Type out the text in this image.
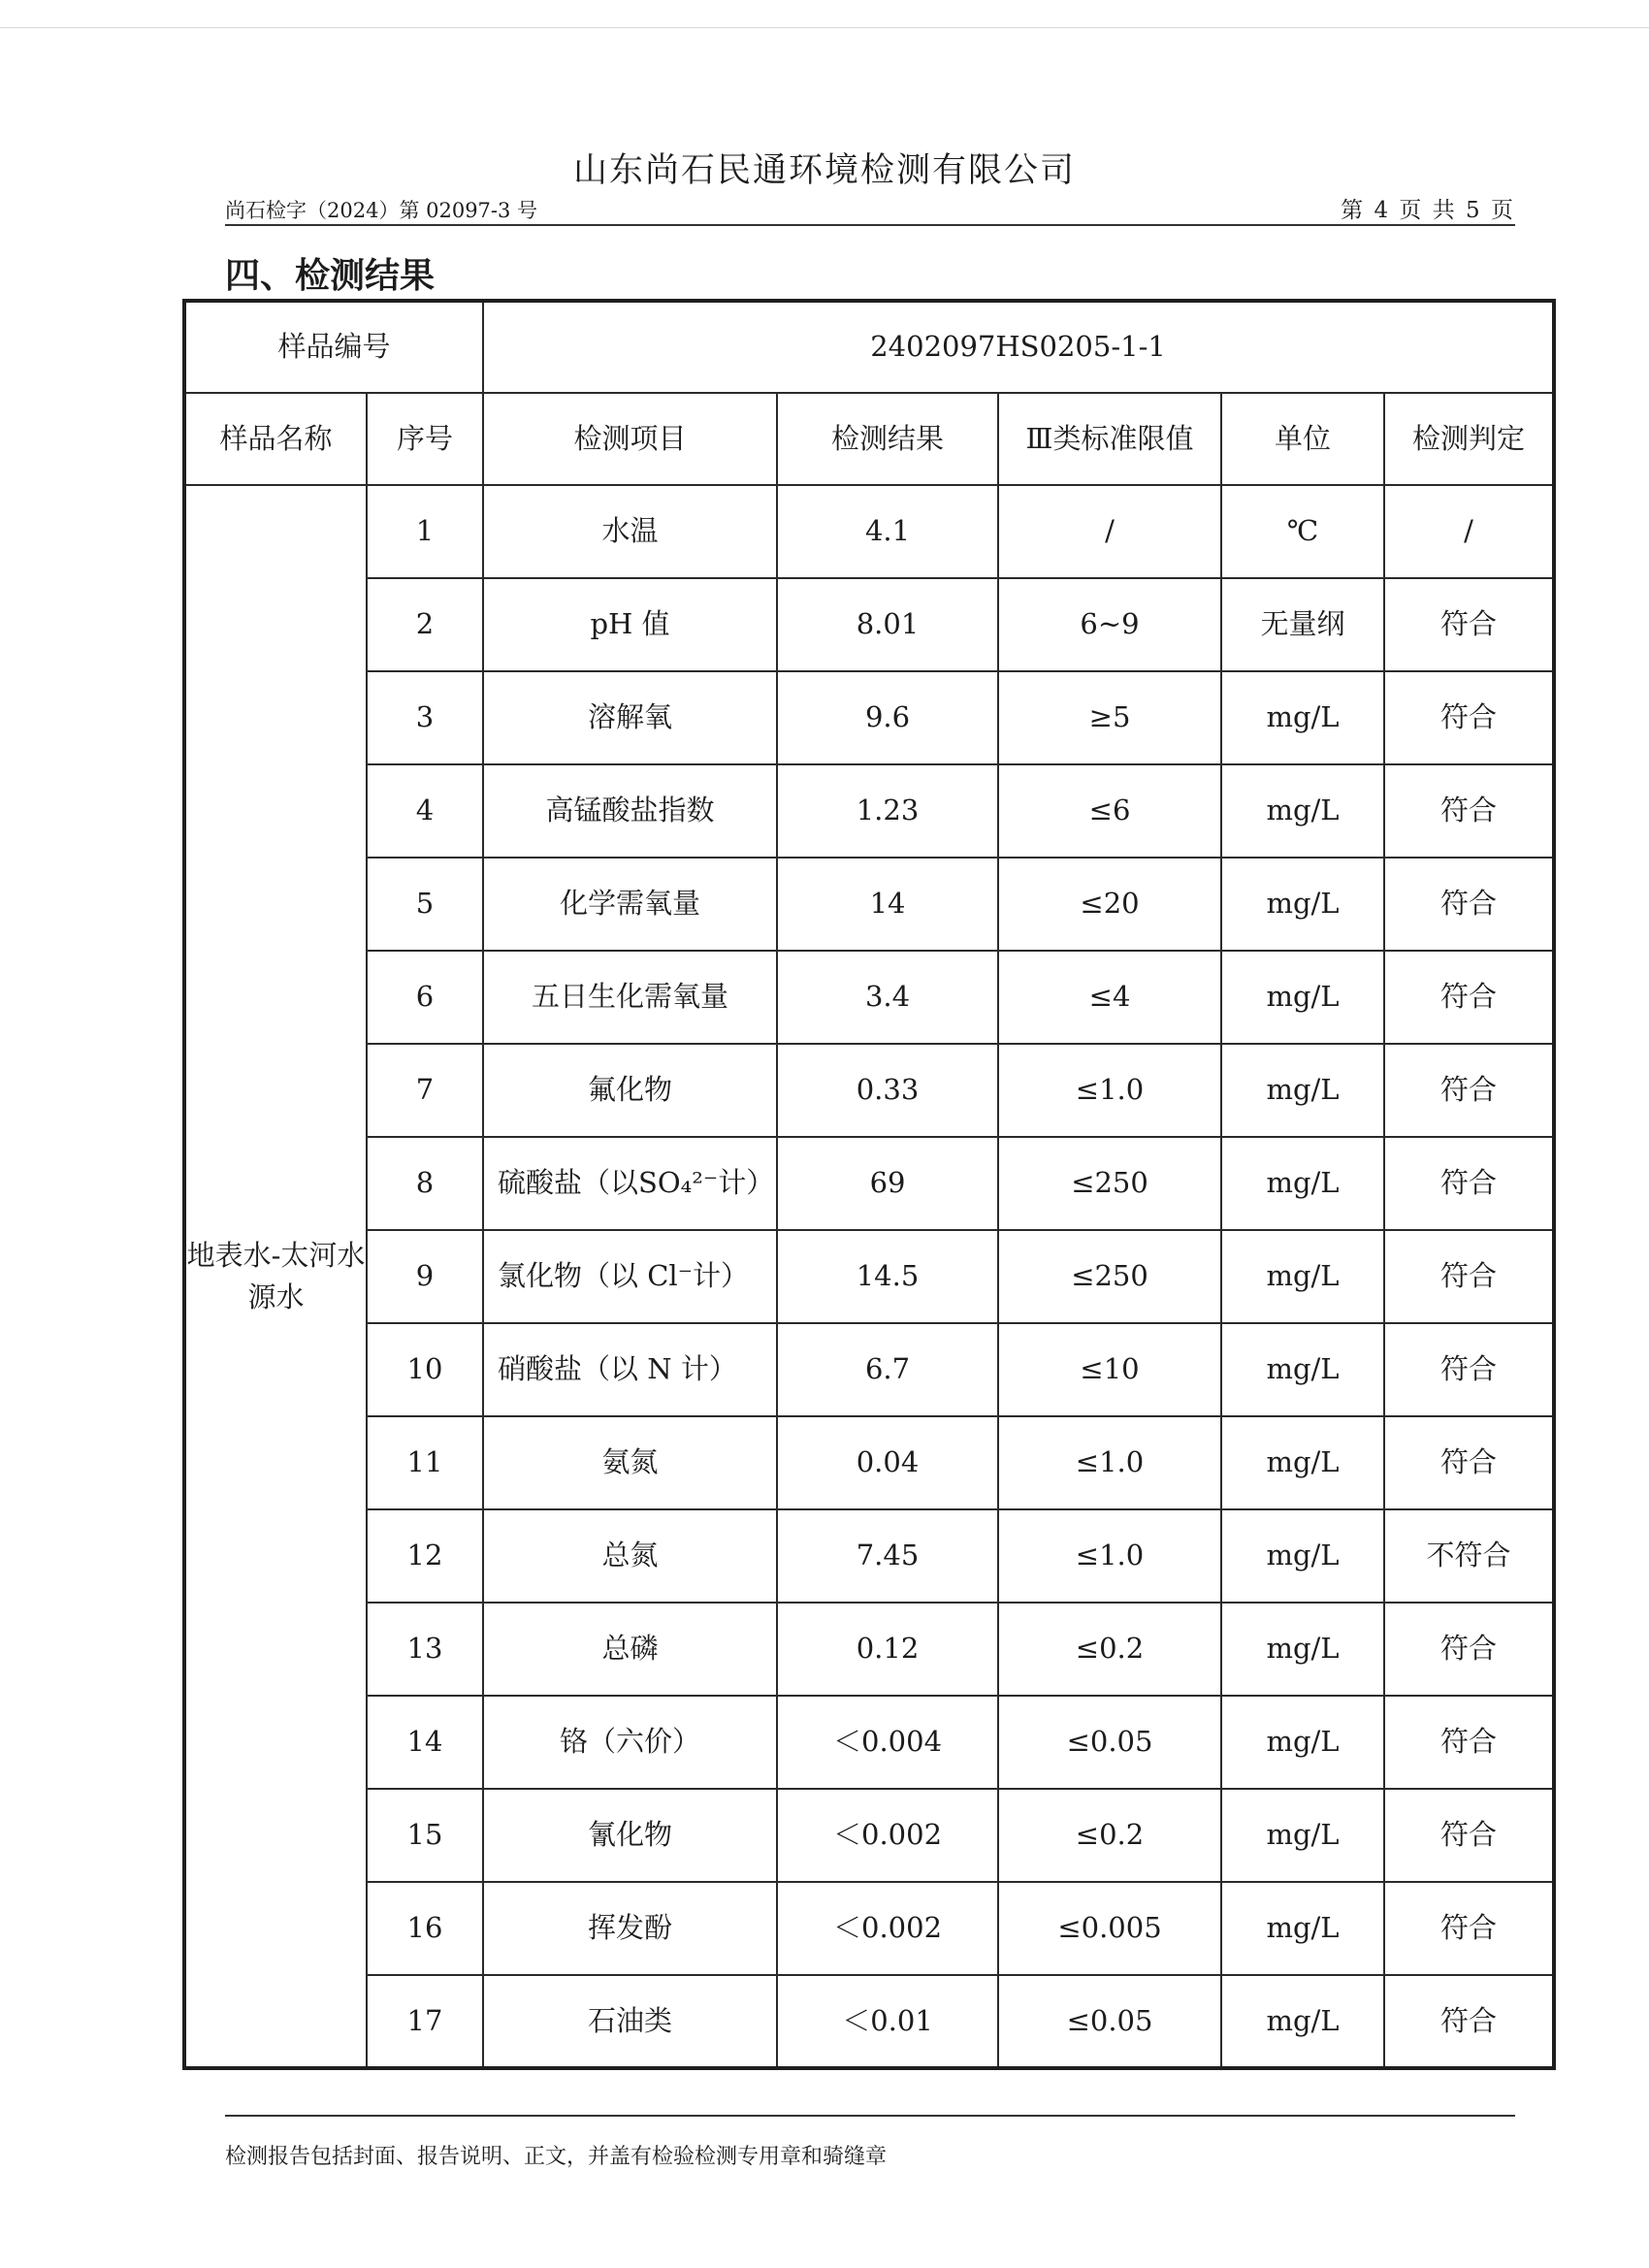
山东尚石民通环境检测有限公司
尚石检字（2024）第 02097-3 号	第 4 页 共 5 页
四、检测结果
样品编号		2402097HS0205-1-1				
样品名称	序号	检测项目	检测结果	Ⅲ类标准限值	单位	检测判定
地表水-太河水源水	1	水温	4.1	/	℃	/
	2	pH 值	8.01	6~9	无量纲	符合
	3	溶解氧	9.6	≥5	mg/L	符合
	4	高锰酸盐指数	1.23	≤6	mg/L	符合
	5	化学需氧量	14	≤20	mg/L	符合
	6	五日生化需氧量	3.4	≤4	mg/L	符合
	7	氟化物	0.33	≤1.0	mg/L	符合
	8	硫酸盐（以SO₄²⁻计）	69	≤250	mg/L	符合
	9	氯化物（以 Cl⁻计）	14.5	≤250	mg/L	符合
	10	硝酸盐（以 N 计）	6.7	≤10	mg/L	符合
	11	氨氮	0.04	≤1.0	mg/L	符合
	12	总氮	7.45	≤1.0	mg/L	不符合
	13	总磷	0.12	≤0.2	mg/L	符合
	14	铬（六价）	＜0.004	≤0.05	mg/L	符合
	15	氰化物	＜0.002	≤0.2	mg/L	符合
	16	挥发酚	＜0.002	≤0.005	mg/L	符合
	17	石油类	＜0.01	≤0.05	mg/L	符合
检测报告包括封面、报告说明、正文，并盖有检验检测专用章和骑缝章
